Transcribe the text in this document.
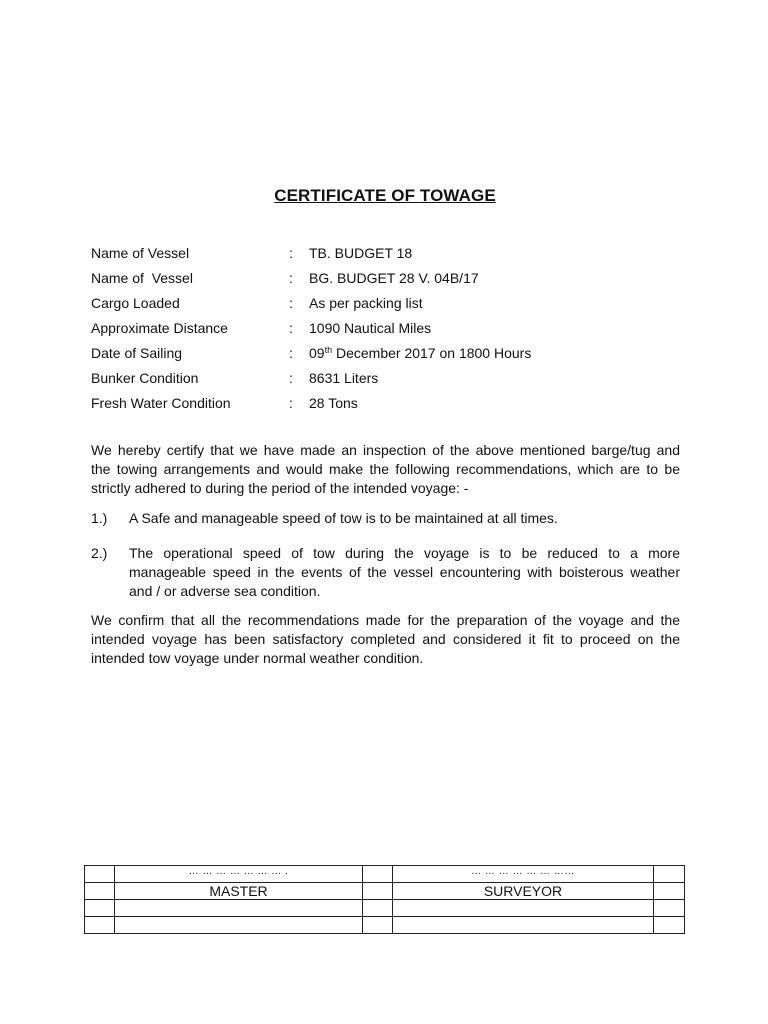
CERTIFICATE OF TOWAGE
Name of Vessel	: TB. BUDGET 18
Name of  Vessel	: BG. BUDGET 28 V. 04B/17
Cargo Loaded	: As per packing list
Approximate Distance	: 1090 Nautical Miles
Date of Sailing	: 09th December 2017 on 1800 Hours
Bunker Condition	: 8631 Liters
Fresh Water Condition	: 28 Tons
We hereby certify that we have made an inspection of the above mentioned barge/tug and
the towing arrangements and would make the following recommendations, which are to be
strictly adhered to during the period of the intended voyage: -
1.) A Safe and manageable speed of tow is to be maintained at all times.
2.) The operational speed of tow during the voyage is to be reduced to a more
manageable speed in the events of the vessel encountering with boisterous weather
and / or adverse sea condition.
We confirm that all the recommendations made for the preparation of the voyage and the
intended voyage has been satisfactory completed and considered it fit to proceed on the
intended tow voyage under normal weather condition.
	… … … … … … … .		… … … … … … ……	
	MASTER		SURVEYOR	
